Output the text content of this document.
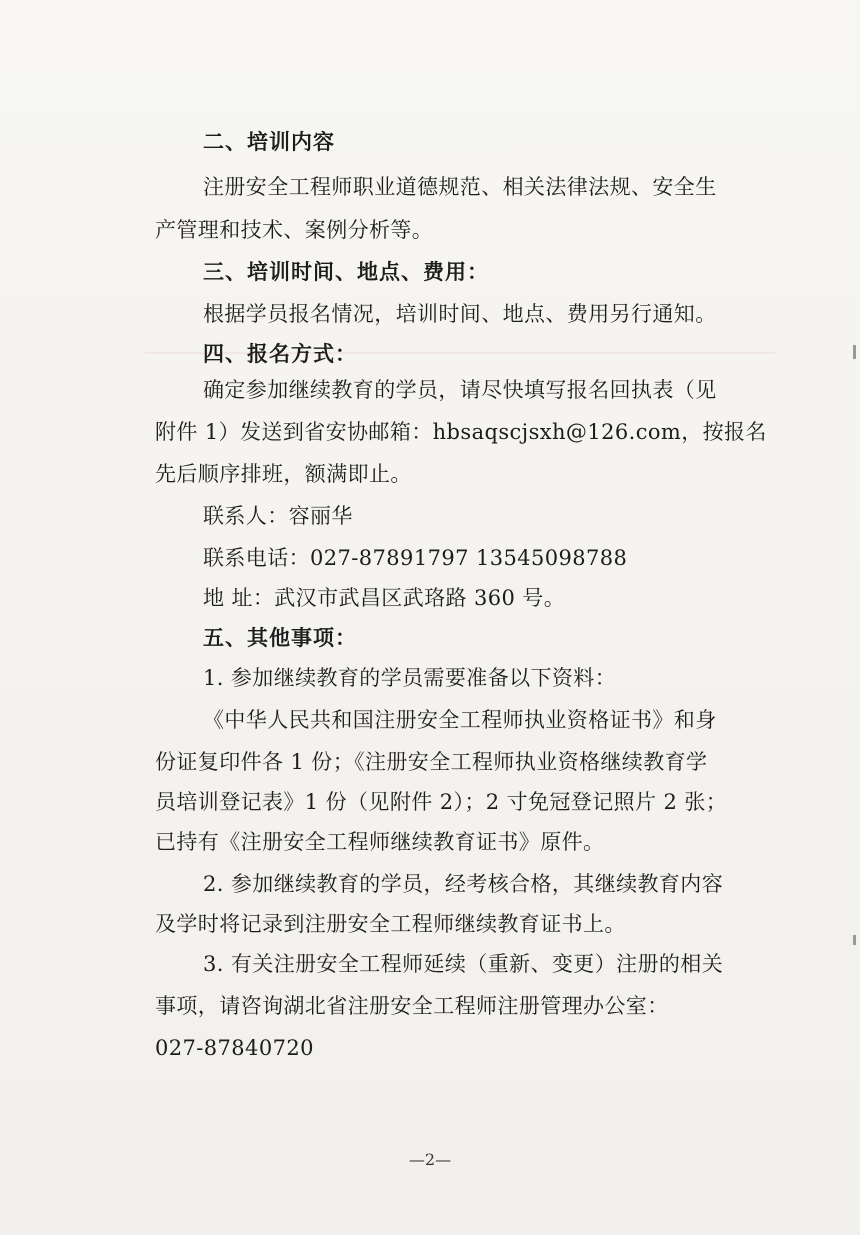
二、培训内容
注册安全工程师职业道德规范、相关法律法规、安全生
产管理和技术、案例分析等。
三、培训时间、地点、费用：
根据学员报名情况，培训时间、地点、费用另行通知。
四、报名方式：
确定参加继续教育的学员，请尽快填写报名回执表（见
附件 1）发送到省安协邮箱：hbsaqscjsxh@126.com，按报名
先后顺序排班，额满即止。
联系人：容丽华
联系电话：027-87891797 13545098788
地 址：武汉市武昌区武珞路 360 号。
五、其他事项：
1. 参加继续教育的学员需要准备以下资料：
《中华人民共和国注册安全工程师执业资格证书》和身
份证复印件各 1 份；《注册安全工程师执业资格继续教育学
员培训登记表》1 份（见附件 2）；2 寸免冠登记照片 2 张；
已持有《注册安全工程师继续教育证书》原件。
2. 参加继续教育的学员，经考核合格，其继续教育内容
及学时将记录到注册安全工程师继续教育证书上。
3. 有关注册安全工程师延续（重新、变更）注册的相关
事项，请咨询湖北省注册安全工程师注册管理办公室：
027-87840720
—2—
